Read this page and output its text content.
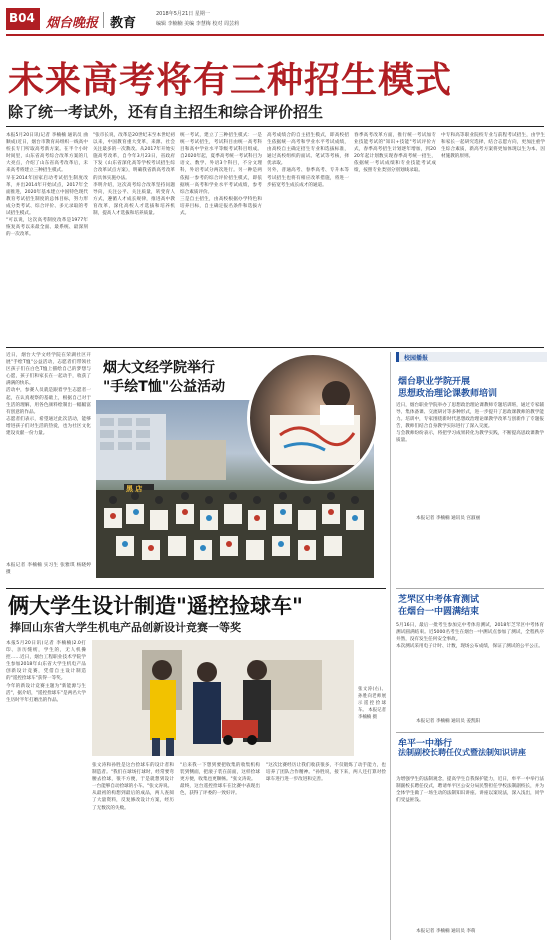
B04 烟台晚报 教育
2018年5月21日 星期一
编辑 李楠楠 美编 李慧梅 校对 周芸莉
未来高考将有三种招生模式
除了统一考试外，还有自主招生和综合评价招生
本报5月20日讯(记者 李楠楠 通讯员 曲顺成)近日，烟台市教育局组织一线高中校长专门听取高考新方案。在半个小时时间里，山东省高考综合改革方案的几大亮点，介绍了山东省高考改革后，未来高考将建立三种招生模式。
早在2014年国家启动考试招生制度改革，并出2014年开始试点，2017年全面推进，2020年基本建立中国特色现代教育考试招生制度的总体目标，努力形成分类考试、综合评价、多元录取的考试招生模式。
"可以说，这次高考制度改革是1977年恢复高考以来最全面、最系统、最深刻的一次改革。
"张市长说，改革是20世纪末至本世纪初以来，中国教育重大变革，来源、社会关注最多的一次教改。从2017年开始实施高考改革，自今年3月23日，省政府下发《山东省深化高等学校考试招生综合改革试点方案》，明确我省新高考改革的具体实施办法。
李明介绍，这次高考综合改革坚持问题导向，关注公平、关注质量，转变育人方式，遵循人才成长规律，推进高中教育改革，深化高校人才选拔和培养机制，提高人才选拔和培养质量。
统一考试，建立了三种招生模式：一是统一考试招生，考试科目由统一高考科目和高中学业水平等级考试科目组成。自2020年起，夏季高考统一考试科目为语文、数学、外语3个科目，不分文理科，外语考试分两次进行。另一种是两依据一参考的综合评价招生模式，即依据统一高考和学业水平考试成绩，参考综合素质评价。
三是自主招生，由高校根据办学特色和培养目标，自主确定报名条件和选拔方式。
高考成绩合的自主招生模式，即高校招生依据统一高考和学业水平考试成绩，由高校自主确定招生专业和选拔标准，通过高校组织的面试、笔试等考核，择优录取。
另外，普通高考、春季高考、专升本等考试招生也将有相应改革措施，将进一步拓宽考生成长成才的通道。
春季高考改革方面，推行统一考试加专业技能考试的"知识+技能"考试评价方式，春季高考招生计划逐年增加，到2020年起计划数实现春季高考统一招生，依据统一考试成绩和专业技能考试成绩，按照专业类别分别划线录取。
中专和高等职业院校专业与前程考试招生，由学生和家长一起研究选择，结合志愿方向，更加注重学生综合素质，新高考方案将更加体现以生为本、因材施教的原则。
近日，烟台大学文经学院在荣湖社区开展"手绘T恤"公益活动，志愿者们带领社区孩子们在白色T恤上描绘自己的梦想与心愿，孩子们和家长在一起动手，收获了满满的快乐。
活动中，参赛人员就是跟着学生志愿者一起，在认真观察的基础上，根据自己对于生活的理解，用各色颜料绘制出一幅幅富有创意的作品。
志愿者们表示，希望通过此次活动，能够增进孩子们对生活的热爱，也为社区文化建设贡献一份力量。
本报记者 李楠楠 实习生 张雅琪 杨晓婷 摄
烟大文经学院举行
"手绘T恤"公益活动
黑 店
校园播报
烟台职业学院开展
思想政治理论课教师培训
近日，烟台职业学院举办了思想政治理论课教师专题培训班，通过专家辅导、集体备课、交流研讨等多种形式，进一步提升了思政课教师的教学能力。培训中，专家围绕新时代思想政治理论课教学改革与创新作了专题报告，教师们结合自身教学实际进行了深入交流。
与会教师纷纷表示，将把学习成果转化为教学实践，不断提高思政课教学质量。
本报记者 李楠楠 通讯员 宫淑丽
芝罘区中考体育测试
在烟台一中圆满结束
5月16日，最后一批考生参加完中考体育测试，2018年芝罘区中考体育测试圆满结束。近5000名考生在烟台一中测试点参加了测试，全程秩序井然，没有发生任何安全事故。
本次测试采用电子计时、计数，现场公布成绩，保证了测试的公平公正。
本报记者 李楠楠 通讯员 姜凯阳
牟平一中举行
法制副校长聘任仪式暨法制知识讲座
为增强学生的法制观念，提高学生自我保护能力，近日，牟平一中举行法制副校长聘任仪式，聘请牟平区公安分局民警担任学校法制副校长，并为全体学生做了一场生动的法制知识讲座。讲座以案说法，深入浅出，同学们受益匪浅。
本报记者 李楠楠 通讯员 李萌
俩大学生设计制造"遥控捡球车"
捧回山东省大学生机电产品创新设计竞赛一等奖
本报5月20日讯(记者 李楠楠)2.0打印、亲历缝纫，学生的，无人机操控……近日，烟台工程职业技术学院学生参加2018年山东省大学生机电产品创新设计竞赛，凭借自主设计制造的"遥控捡球车"获得一等奖。
今年的新设计竞赛主题为"新能源与生活"，据介绍，"遥控捡球车"是两名大学生历时半年打磨出的作品。
张文涛(右)、孙胜向老师展示遥控捡球车。 本报记者 李楠楠 摄
张文涛和孙胜是这台捡球车的设计者和制造者。"我们在球场打球时，经常要弯腰去捡球，很不方便，于是就想到设计一台能够自动捡球的小车。"张文涛说。
从最初的构想到最后的成品，两人查阅了大量资料，反复修改设计方案，经历了无数次的失败。
"后来我一下想到要把收集的收集机构装到侧面，把滚子装在前面，这样捡球更方便，收集也更顺畅。"张文涛说。
最终，这台遥控捡球车在比赛中表现出色，获得了评委的一致好评。
"这次比赛经历让我们收获很多，不仅锻炼了动手能力，也培养了团队合作精神。"孙胜说，接下来，两人还打算对捡球车进行进一步改进和完善。
